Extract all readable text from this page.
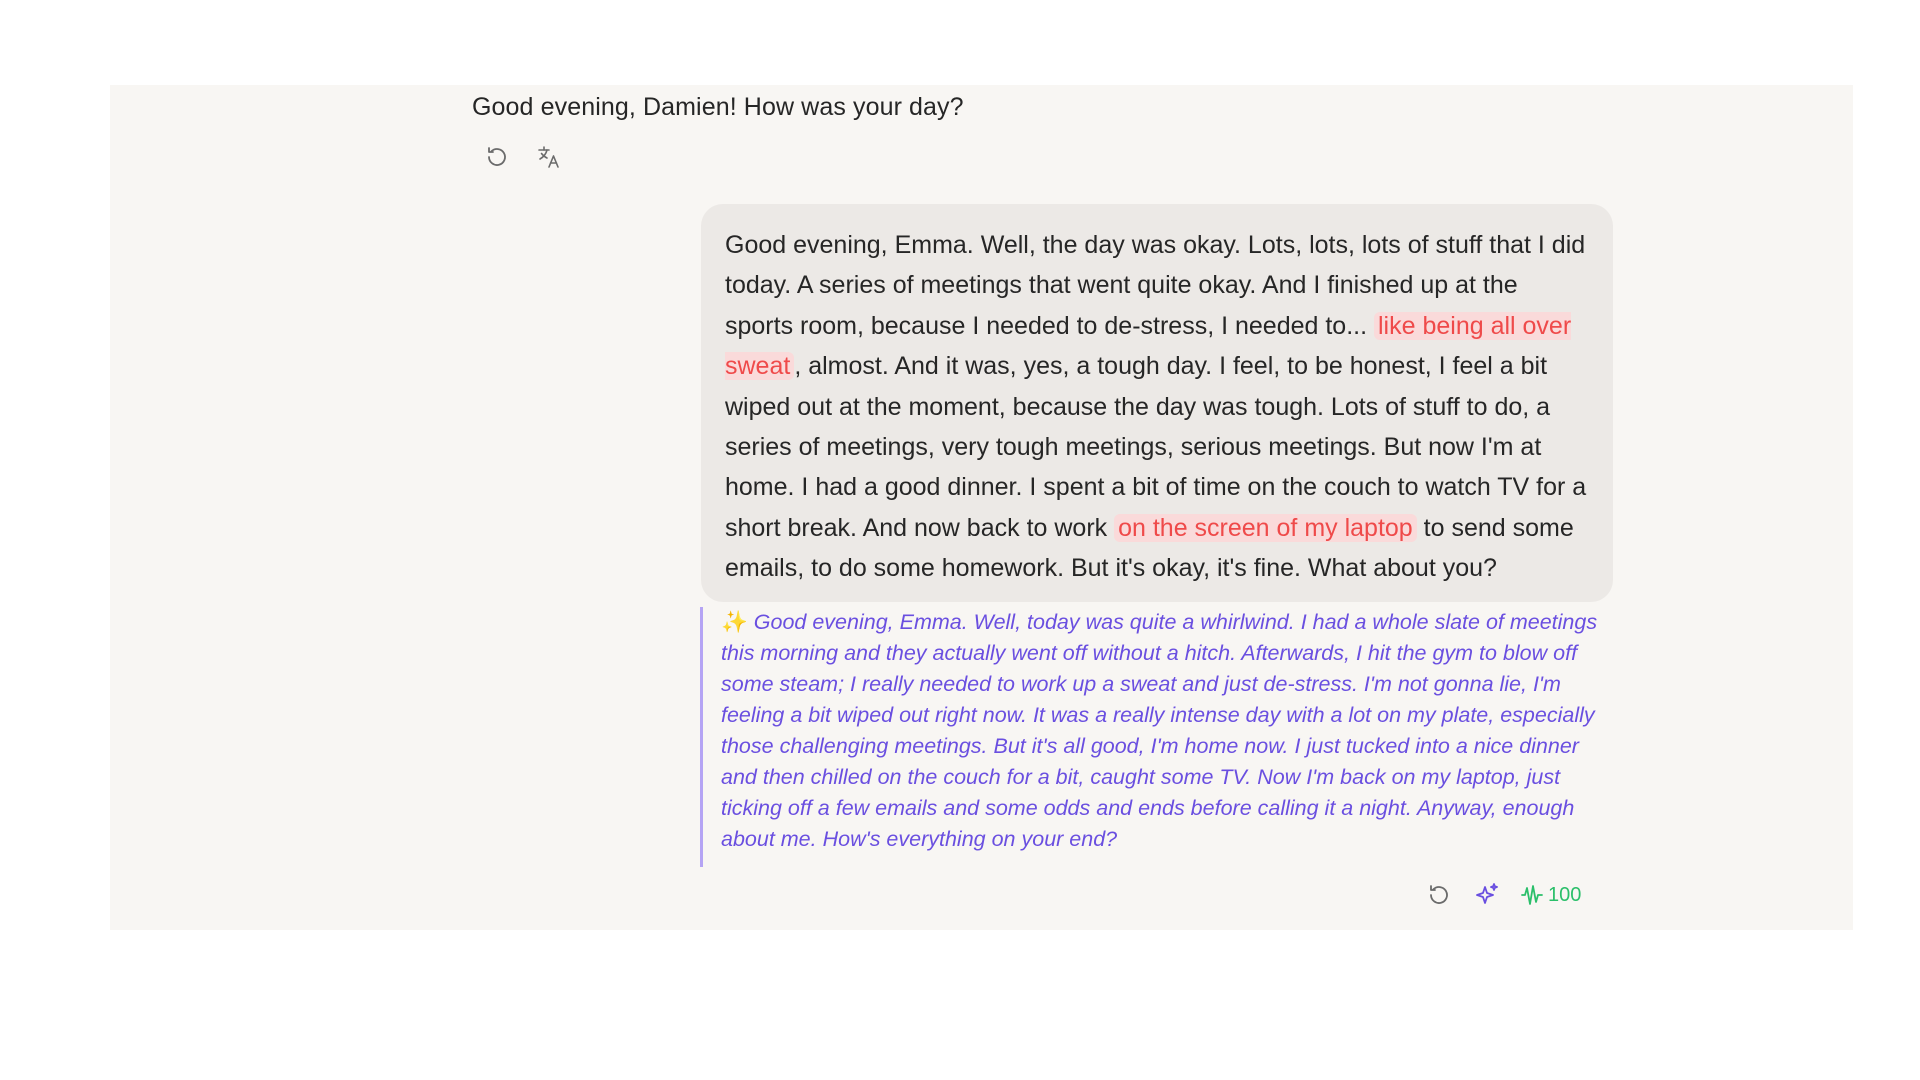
Good evening, Damien! How was your day?
Good evening, Emma. Well, the day was okay. Lots, lots, lots of stuff that I did today. A series of meetings that went quite okay. And I finished up at the sports room, because I needed to de-stress, I needed to... like being all over sweat , almost. And it was, yes, a tough day. I feel, to be honest, I feel a bit wiped out at the moment, because the day was tough. Lots of stuff to do, a series of meetings, very tough meetings, serious meetings. But now I'm at home. I had a good dinner. I spent a bit of time on the couch to watch TV for a short break. And now back to work on the screen of my laptop to send some emails, to do some homework. But it's okay, it's fine. What about you?
✨ Good evening, Emma. Well, today was quite a whirlwind. I had a whole slate of meetings this morning and they actually went off without a hitch. Afterwards, I hit the gym to blow off some steam; I really needed to work up a sweat and just de-stress. I'm not gonna lie, I'm feeling a bit wiped out right now. It was a really intense day with a lot on my plate, especially those challenging meetings. But it's all good, I'm home now. I just tucked into a nice dinner and then chilled on the couch for a bit, caught some TV. Now I'm back on my laptop, just ticking off a few emails and some odds and ends before calling it a night. Anyway, enough about me. How's everything on your end?
100
